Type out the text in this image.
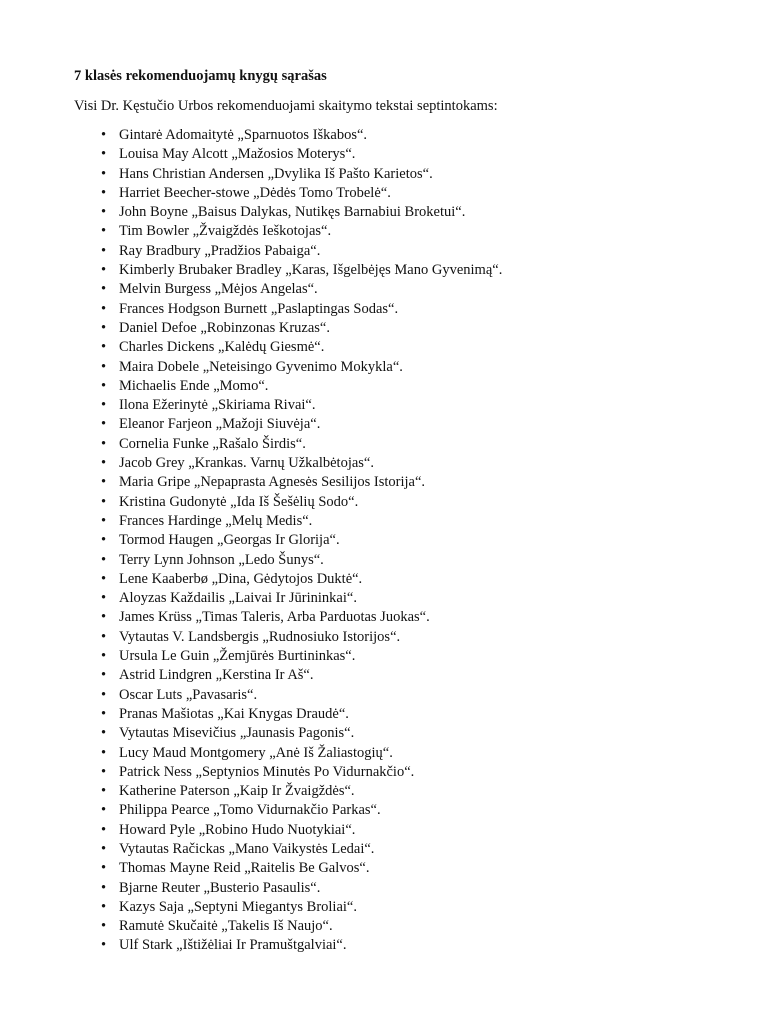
7 klasės rekomenduojamų knygų sąrašas

Visi Dr. Kęstučio Urbos rekomenduojami skaitymo tekstai septintokams:

• Gintarė Adomaitytė „Sparnuotos Iškabos“.
• Louisa May Alcott „Mažosios Moterys“.
• Hans Christian Andersen „Dvylika Iš Pašto Karietos“.
• Harriet Beecher-stowe „Dėdės Tomo Trobelė“.
• John Boyne „Baisus Dalykas, Nutikęs Barnabiui Broketui“.
• Tim Bowler „Žvaigždės Ieškotojas“.
• Ray Bradbury „Pradžios Pabaiga“.
• Kimberly Brubaker Bradley „Karas, Išgelbėjęs Mano Gyvenimą“.
• Melvin Burgess „Mėjos Angelas“.
• Frances Hodgson Burnett „Paslaptingas Sodas“.
• Daniel Defoe „Robinzonas Kruzas“.
• Charles Dickens „Kalėdų Giesmė“.
• Maira Dobele „Neteisingo Gyvenimo Mokykla“.
• Michaelis Ende „Momo“.
• Ilona Ežerinytė „Skiriama Rivai“.
• Eleanor Farjeon „Mažoji Siuvėja“.
• Cornelia Funke „Rašalo Širdis“.
• Jacob Grey „Krankas. Varnų Užkalbėtojas“.
• Maria Gripe „Nepaprasta Agnesės Sesilijos Istorija“.
• Kristina Gudonytė „Ida Iš Šešėlių Sodo“.
• Frances Hardinge „Melų Medis“.
• Tormod Haugen „Georgas Ir Glorija“.
• Terry Lynn Johnson „Ledo Šunys“.
• Lene Kaaberbø „Dina, Gėdytojos Duktė“.
• Aloyzas Každailis „Laivai Ir Jūrininkai“.
• James Krüss „Timas Taleris, Arba Parduotas Juokas“.
• Vytautas V. Landsbergis „Rudnosiuko Istorijos“.
• Ursula Le Guin „Žemjūrės Burtininkas“.
• Astrid Lindgren „Kerstina Ir Aš“.
• Oscar Luts „Pavasaris“.
• Pranas Mašiotas „Kai Knygas Draudė“.
• Vytautas Misevičius „Jaunasis Pagonis“.
• Lucy Maud Montgomery „Anė Iš Žaliastogių“.
• Patrick Ness „Septynios Minutės Po Vidurnakčio“.
• Katherine Paterson „Kaip Ir Žvaigždės“.
• Philippa Pearce „Tomo Vidurnakčio Parkas“.
• Howard Pyle „Robino Hudo Nuotykiai“.
• Vytautas Račickas „Mano Vaikystės Ledai“.
• Thomas Mayne Reid „Raitelis Be Galvos“.
• Bjarne Reuter „Busterio Pasaulis“.
• Kazys Saja „Septyni Miegantys Broliai“.
• Ramutė Skučaitė „Takelis Iš Naujo“.
• Ulf Stark „Ištižėliai Ir Pramuštgalviai“.
